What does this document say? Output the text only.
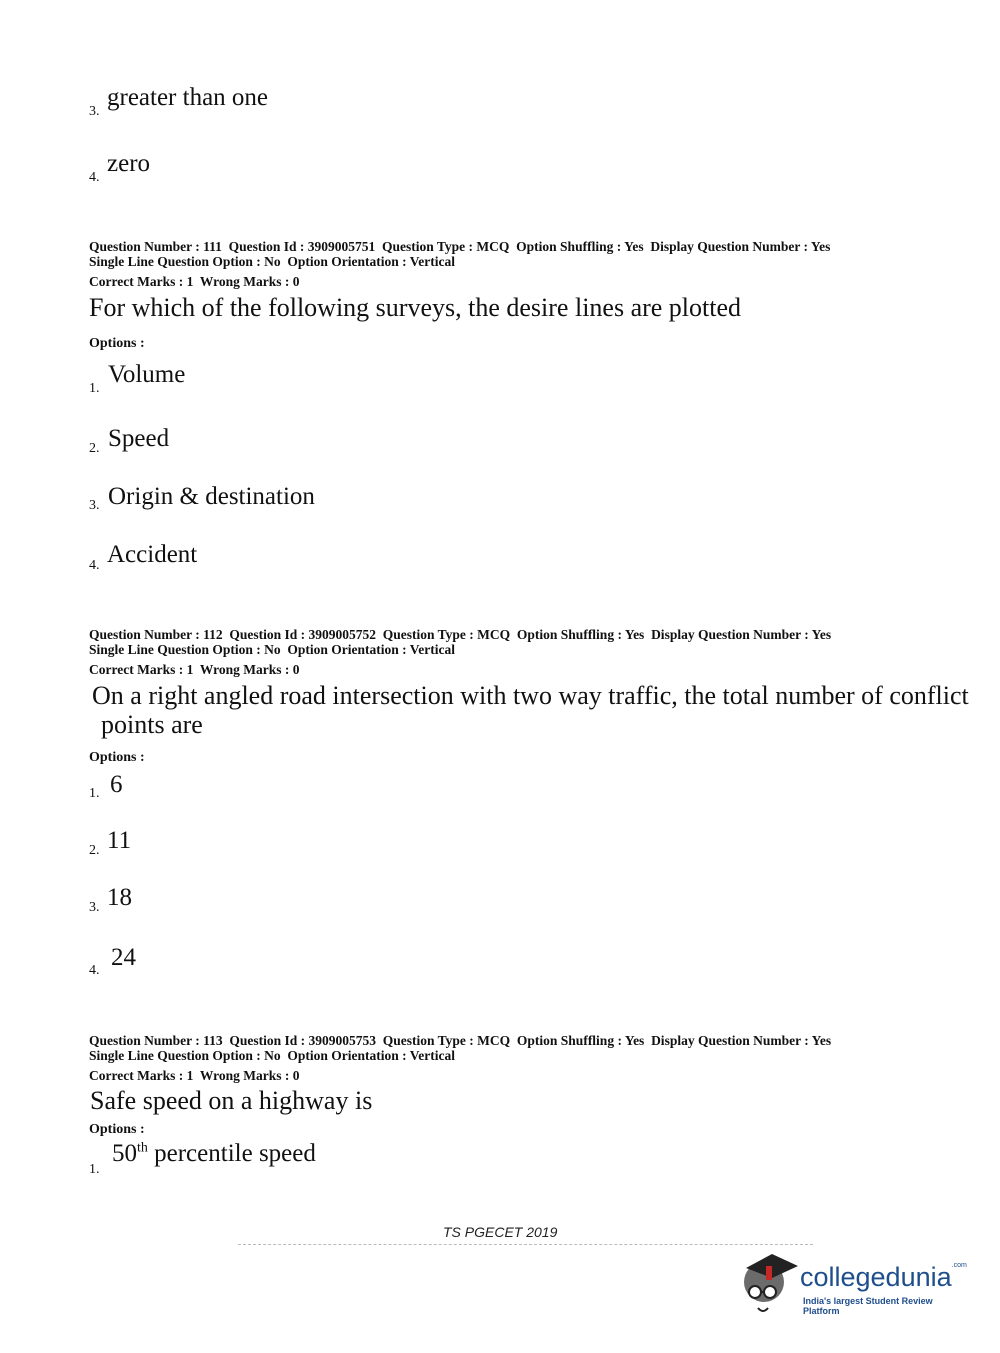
3.
greater than one
4.
zero
Question Number : 111  Question Id : 3909005751  Question Type : MCQ  Option Shuffling : Yes  Display Question Number : Yes
Single Line Question Option : No  Option Orientation : Vertical
Correct Marks : 1  Wrong Marks : 0
For which of the following surveys, the desire lines are plotted
Options :
1.
Volume
2. Speed
3. Origin & destination
4. Accident
Question Number : 112  Question Id : 3909005752  Question Type : MCQ  Option Shuffling : Yes  Display Question Number : Yes
Single Line Question Option : No  Option Orientation : Vertical
Correct Marks : 1  Wrong Marks : 0
On a right angled road intersection with two way traffic, the total number of conflict
points are
Options :
1. 6
2. 11
3. 18
4. 24
Question Number : 113  Question Id : 3909005753  Question Type : MCQ  Option Shuffling : Yes  Display Question Number : Yes
Single Line Question Option : No  Option Orientation : Vertical
Correct Marks : 1  Wrong Marks : 0
Safe speed on a highway is
Options :
1.
50th percentile speed
TS PGECET 2019
collegedunia$^{.com}$
India's largest Student Review Platform
